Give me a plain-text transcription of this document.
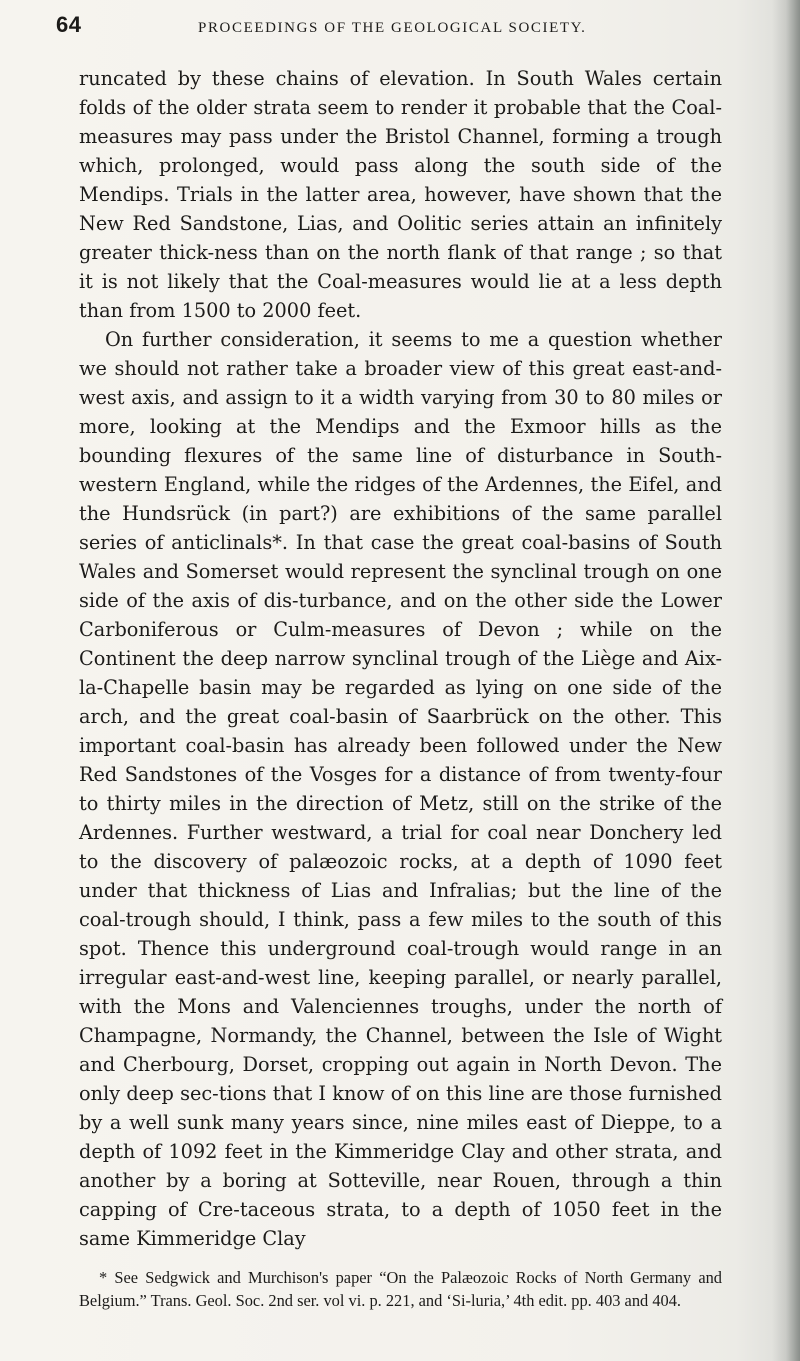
64	PROCEEDINGS OF THE GEOLOGICAL SOCIETY.

runcated by these chains of elevation. In South Wales certain folds of the older strata seem to render it probable that the Coal-measures may pass under the Bristol Channel, forming a trough which, prolonged, would pass along the south side of the Mendips. Trials in the latter area, however, have shown that the New Red Sandstone, Lias, and Oolitic series attain an infinitely greater thick-ness than on the north flank of that range ; so that it is not likely that the Coal-measures would lie at a less depth than from 1500 to 2000 feet.

On further consideration, it seems to me a question whether we should not rather take a broader view of this great east-and-west axis, and assign to it a width varying from 30 to 80 miles or more, looking at the Mendips and the Exmoor hills as the bounding flexures of the same line of disturbance in South-western England, while the ridges of the Ardennes, the Eifel, and the Hundsrück (in part?) are exhibitions of the same parallel series of anticlinals*. In that case the great coal-basins of South Wales and Somerset would represent the synclinal trough on one side of the axis of dis-turbance, and on the other side the Lower Carboniferous or Culm-measures of Devon ; while on the Continent the deep narrow synclinal trough of the Liège and Aix-la-Chapelle basin may be regarded as lying on one side of the arch, and the great coal-basin of Saarbrück on the other. This important coal-basin has already been followed under the New Red Sandstones of the Vosges for a distance of from twenty-four to thirty miles in the direction of Metz, still on the strike of the Ardennes. Further westward, a trial for coal near Donchery led to the discovery of palæozoic rocks, at a depth of 1090 feet under that thickness of Lias and Infralias; but the line of the coal-trough should, I think, pass a few miles to the south of this spot. Thence this underground coal-trough would range in an irregular east-and-west line, keeping parallel, or nearly parallel, with the Mons and Valenciennes troughs, under the north of Champagne, Normandy, the Channel, between the Isle of Wight and Cherbourg, Dorset, cropping out again in North Devon. The only deep sec-tions that I know of on this line are those furnished by a well sunk many years since, nine miles east of Dieppe, to a depth of 1092 feet in the Kimmeridge Clay and other strata, and another by a boring at Sotteville, near Rouen, through a thin capping of Cre-taceous strata, to a depth of 1050 feet in the same Kimmeridge Clay

* See Sedgwick and Murchison's paper “On the Palæozoic Rocks of North Germany and Belgium.” Trans. Geol. Soc. 2nd ser. vol vi. p. 221, and ‘Si-luria,’ 4th edit. pp. 403 and 404.
